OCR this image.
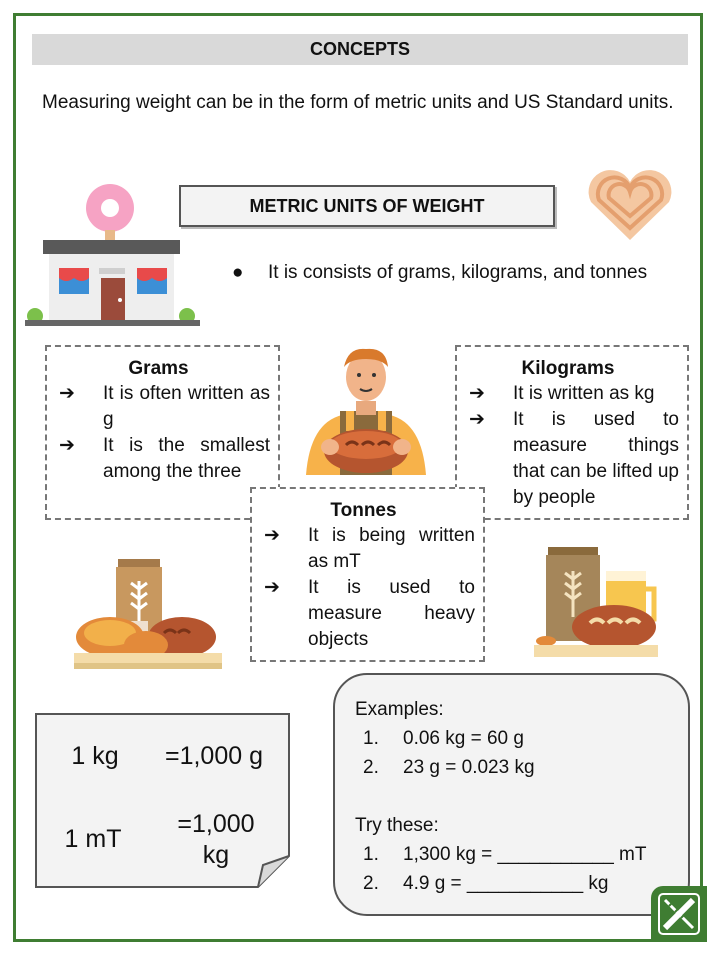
CONCEPTS
Measuring weight can be in the form of metric units and US Standard units.
METRIC UNITS OF WEIGHT
● It is consists of grams, kilograms, and tonnes
Grams
➔ It is often written as g
➔ It is the smallest among the three
Kilograms
➔ It is written as kg
➔ It is used to measure things that can be lifted up by people
Tonnes
➔ It is being written as mT
➔ It is used to measure heavy objects
1 kg	=1,000 g
1 mT
=1,000 kg
Examples:
1. 0.06 kg = 60 g
2. 23 g = 0.023 kg
Try these:
1. 1,300 kg = ___________ mT
2. 4.9 g = ___________ kg
